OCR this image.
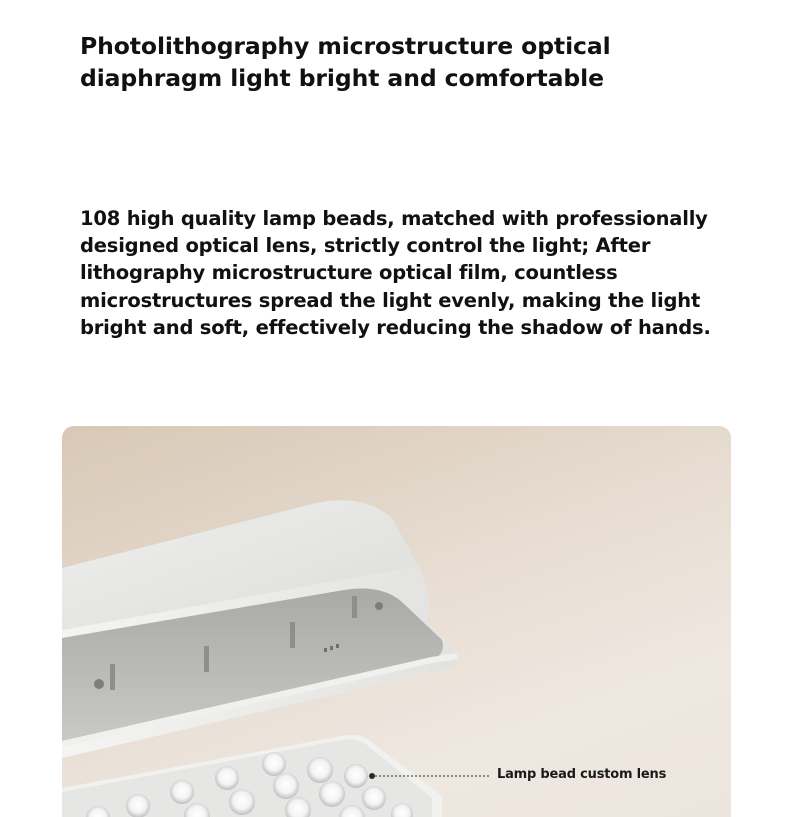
Photolithography microstructure optical diaphragm light bright and comfortable

108 high quality lamp beads, matched with professionally designed optical lens, strictly control the light; After lithography microstructure optical film, countless microstructures spread the light evenly, making the light bright and soft, effectively reducing the shadow of hands.

Lamp bead custom lens
